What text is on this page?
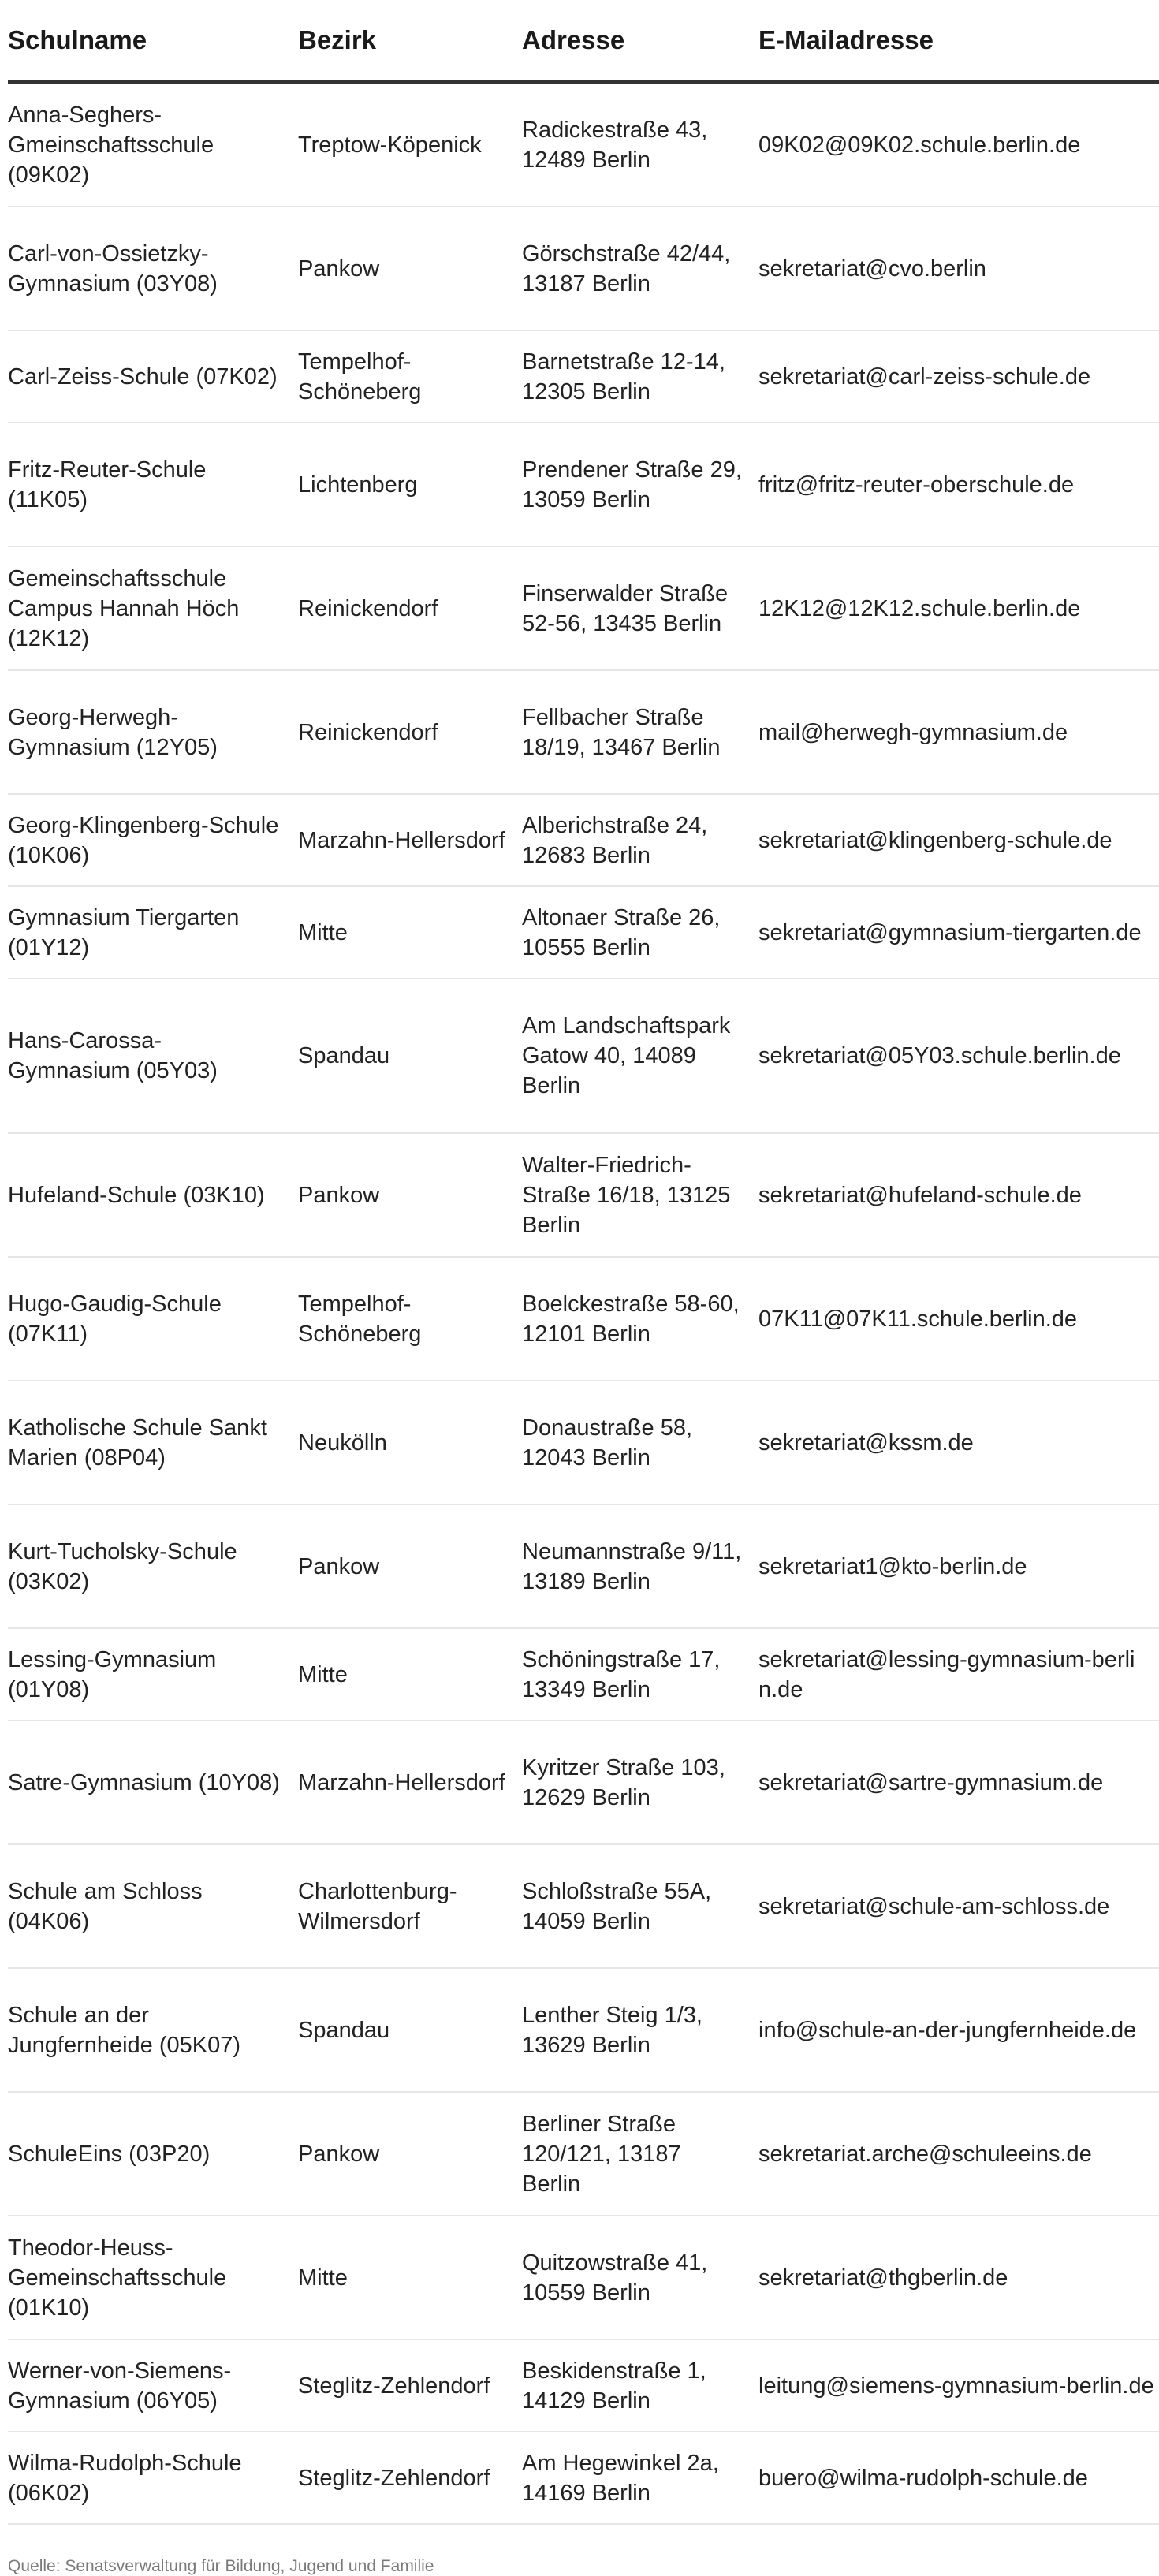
Schulname	Bezirk	Adresse	E-Mailadresse
Anna-Seghers-Gmeinschaftsschule (09K02)	Treptow-Köpenick	Radickestraße 43, 12489 Berlin	09K02@09K02.schule.berlin.de
Carl-von-Ossietzky-Gymnasium (03Y08)	Pankow	Görschstraße 42/44, 13187 Berlin	sekretariat@cvo.berlin
Carl-Zeiss-Schule (07K02)	Tempelhof-Schöneberg	Barnetstraße 12-14, 12305 Berlin	sekretariat@carl-zeiss-schule.de
Fritz-Reuter-Schule (11K05)	Lichtenberg	Prendener Straße 29, 13059 Berlin	fritz@fritz-reuter-oberschule.de
Gemeinschaftsschule Campus Hannah Höch (12K12)	Reinickendorf	Finserwalder Straße 52-56, 13435 Berlin	12K12@12K12.schule.berlin.de
Georg-Herwegh-Gymnasium (12Y05)	Reinickendorf	Fellbacher Straße 18/19, 13467 Berlin	mail@herwegh-gymnasium.de
Georg-Klingenberg-Schule (10K06)	Marzahn-Hellersdorf	Alberichstraße 24, 12683 Berlin	sekretariat@klingenberg-schule.de
Gymnasium Tiergarten (01Y12)	Mitte	Altonaer Straße 26, 10555 Berlin	sekretariat@gymnasium-tiergarten.de
Hans-Carossa-Gymnasium (05Y03)	Spandau	Am Landschaftspark Gatow 40, 14089 Berlin	sekretariat@05Y03.schule.berlin.de
Hufeland-Schule (03K10)	Pankow	Walter-Friedrich-Straße 16/18, 13125 Berlin	sekretariat@hufeland-schule.de
Hugo-Gaudig-Schule (07K11)	Tempelhof-Schöneberg	Boelckestraße 58-60, 12101 Berlin	07K11@07K11.schule.berlin.de
Katholische Schule Sankt Marien (08P04)	Neukölln	Donaustraße 58, 12043 Berlin	sekretariat@kssm.de
Kurt-Tucholsky-Schule (03K02)	Pankow	Neumannstraße 9/11, 13189 Berlin	sekretariat1@kto-berlin.de
Lessing-Gymnasium (01Y08)	Mitte	Schöningstraße 17, 13349 Berlin	sekretariat@lessing-gymnasium-berlin.de
Satre-Gymnasium (10Y08)	Marzahn-Hellersdorf	Kyritzer Straße 103, 12629 Berlin	sekretariat@sartre-gymnasium.de
Schule am Schloss (04K06)	Charlottenburg-Wilmersdorf	Schloßstraße 55A, 14059 Berlin	sekretariat@schule-am-schloss.de
Schule an der Jungfernheide (05K07)	Spandau	Lenther Steig 1/3, 13629 Berlin	info@schule-an-der-jungfernheide.de
SchuleEins (03P20)	Pankow	Berliner Straße 120/121, 13187 Berlin	sekretariat.arche@schuleeins.de
Theodor-Heuss-Gemeinschaftsschule (01K10)	Mitte	Quitzowstraße 41, 10559 Berlin	sekretariat@thgberlin.de
Werner-von-Siemens-Gymnasium (06Y05)	Steglitz-Zehlendorf	Beskidenstraße 1, 14129 Berlin	leitung@siemens-gymnasium-berlin.de
Wilma-Rudolph-Schule (06K02)	Steglitz-Zehlendorf	Am Hegewinkel 2a, 14169 Berlin	buero@wilma-rudolph-schule.de
Quelle: Senatsverwaltung für Bildung, Jugend und Familie
